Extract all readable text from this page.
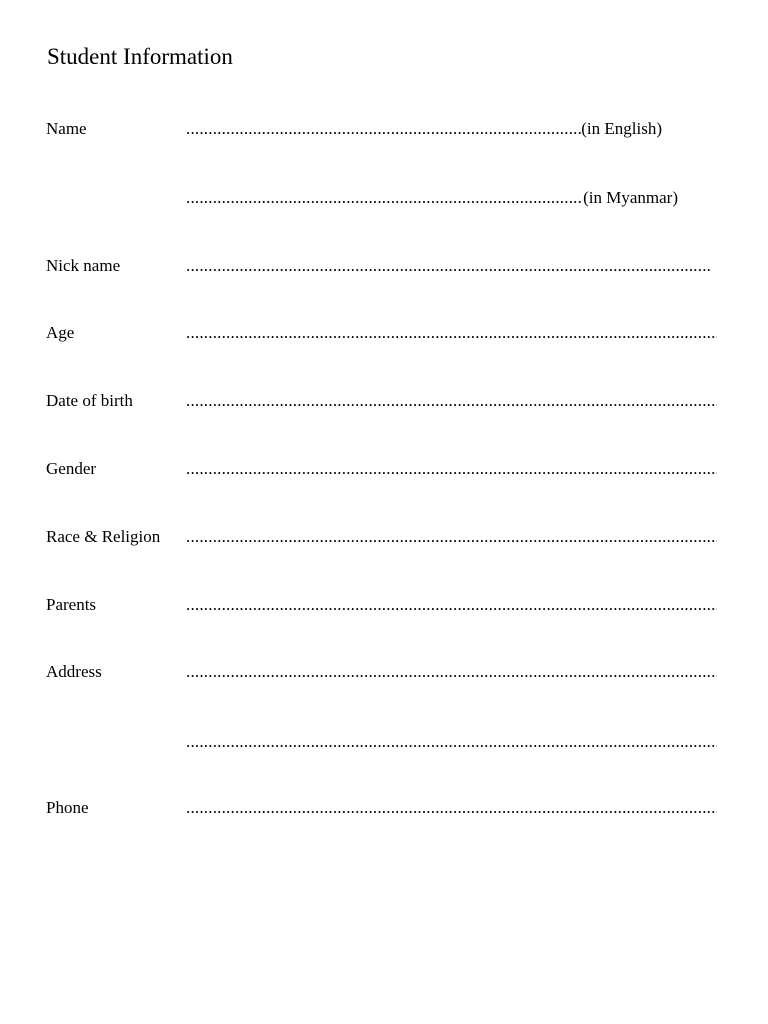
Student Information
Name
.....	(in English)
.....
(in Myanmar)
Nick name
.....
Age
.....
Date of birth
.....
Gender
.....
Race & Religion
.....
Parents
.....
Address
.....
.....
Phone
.....
